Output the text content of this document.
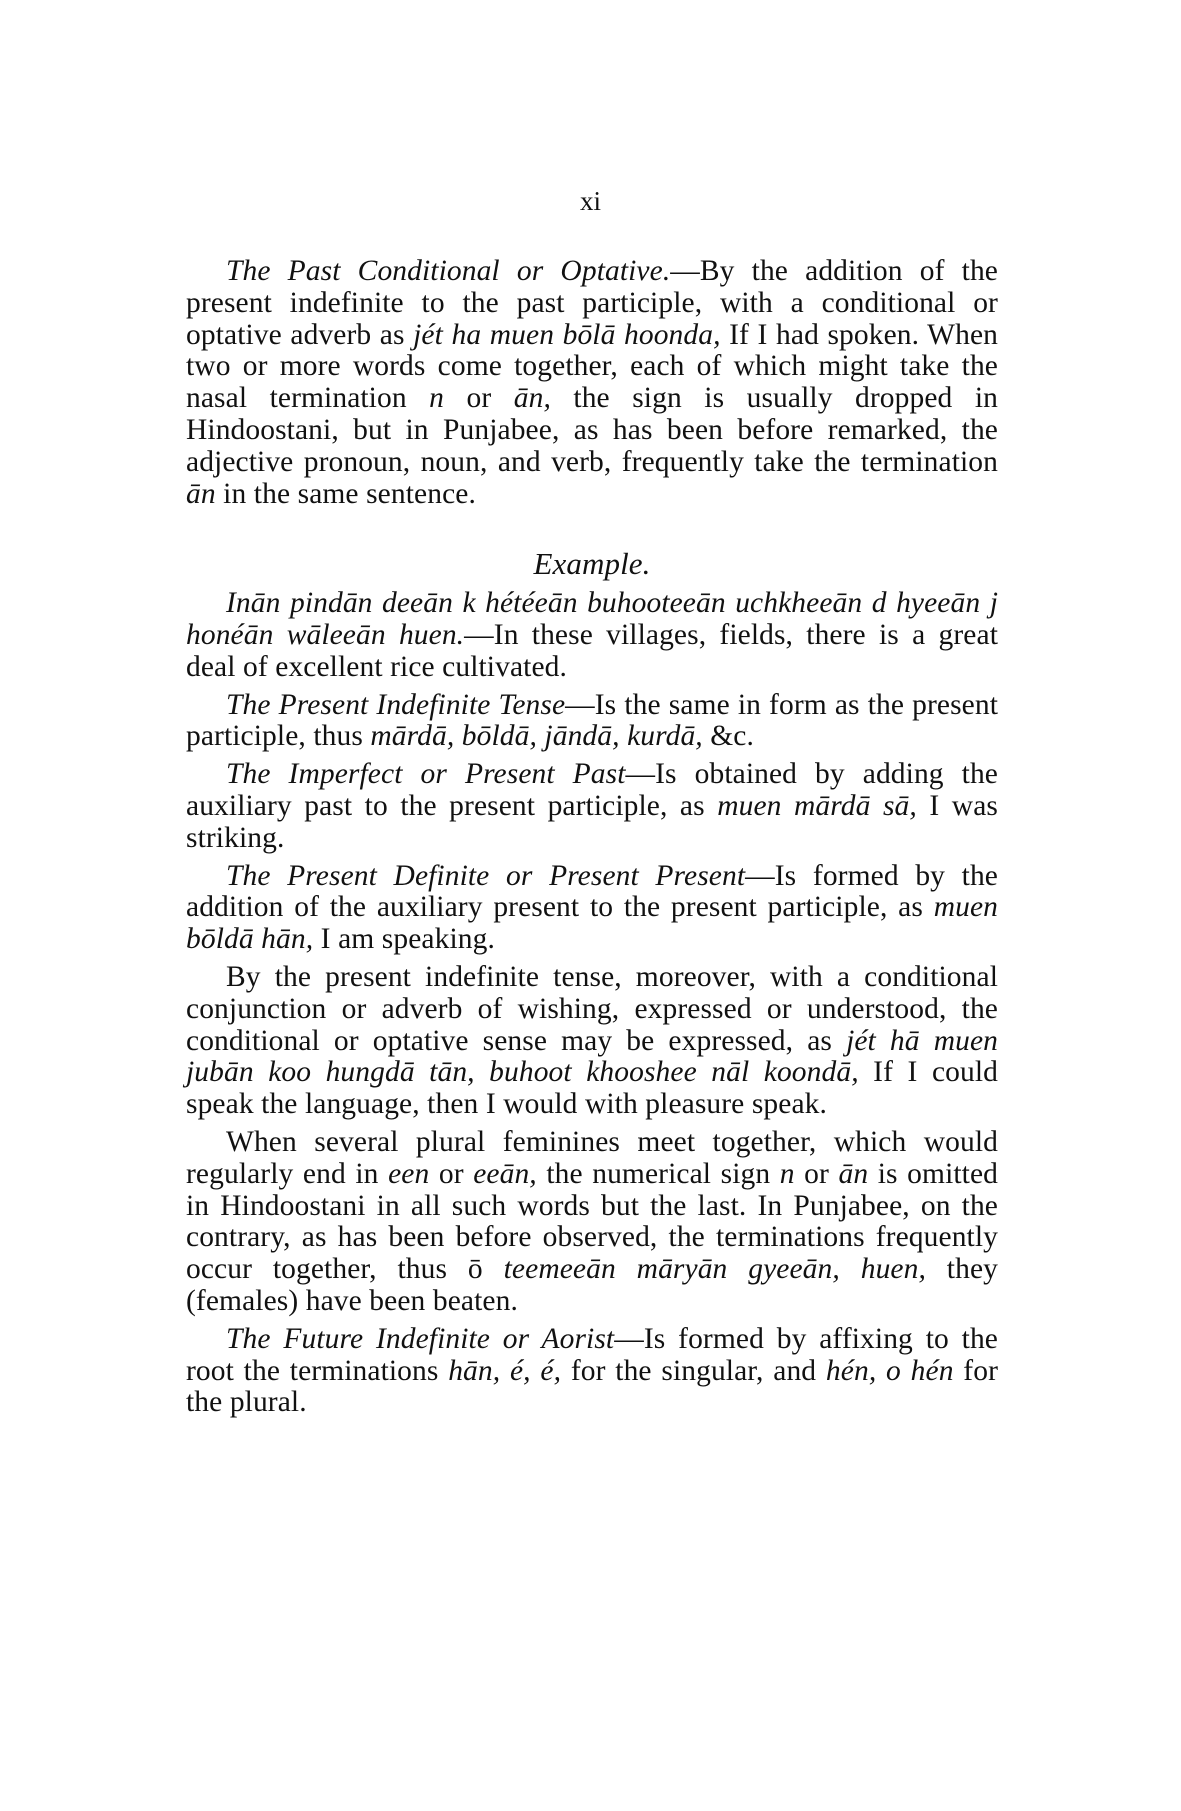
xi

The Past Conditional or Optative.—By the addition of the present indefinite to the past participle, with a conditional or optative adverb as jét ha muen bōlā hoonda, If I had spoken. When two or more words come together, each of which might take the nasal termination n or ān, the sign is usually dropped in Hindoostani, but in Punjabee, as has been before remarked, the adjective pronoun, noun, and verb, frequently take the termination ān in the same sentence.

Example.

Inān pindān deeān k hétéeān buhooteeān uchkheeān d hyeeān j honéān wāleeān huen.—In these villages, fields, there is a great deal of excellent rice cultivated.

The Present Indefinite Tense—Is the same in form as the present participle, thus mārdā, bōldā, jāndā, kurdā, &c.

The Imperfect or Present Past—Is obtained by adding the auxiliary past to the present participle, as muen mārdā sā, I was striking.

The Present Definite or Present Present—Is formed by the addition of the auxiliary present to the present participle, as muen bōldā hān, I am speaking.

By the present indefinite tense, moreover, with a conditional conjunction or adverb of wishing, expressed or understood, the conditional or optative sense may be expressed, as jét hā muen jubān koo hungdā tān, buhoot khooshee nāl koondā, If I could speak the language, then I would with pleasure speak.

When several plural feminines meet together, which would regularly end in een or eeān, the numerical sign n or ān is omitted in Hindoostani in all such words but the last. In Punjabee, on the contrary, as has been before observed, the terminations frequently occur together, thus ō teemeeān māryān gyeeān, huen, they (females) have been beaten.

The Future Indefinite or Aorist—Is formed by affixing to the root the terminations hān, é, é, for the singular, and hén, o hén for the plural.
